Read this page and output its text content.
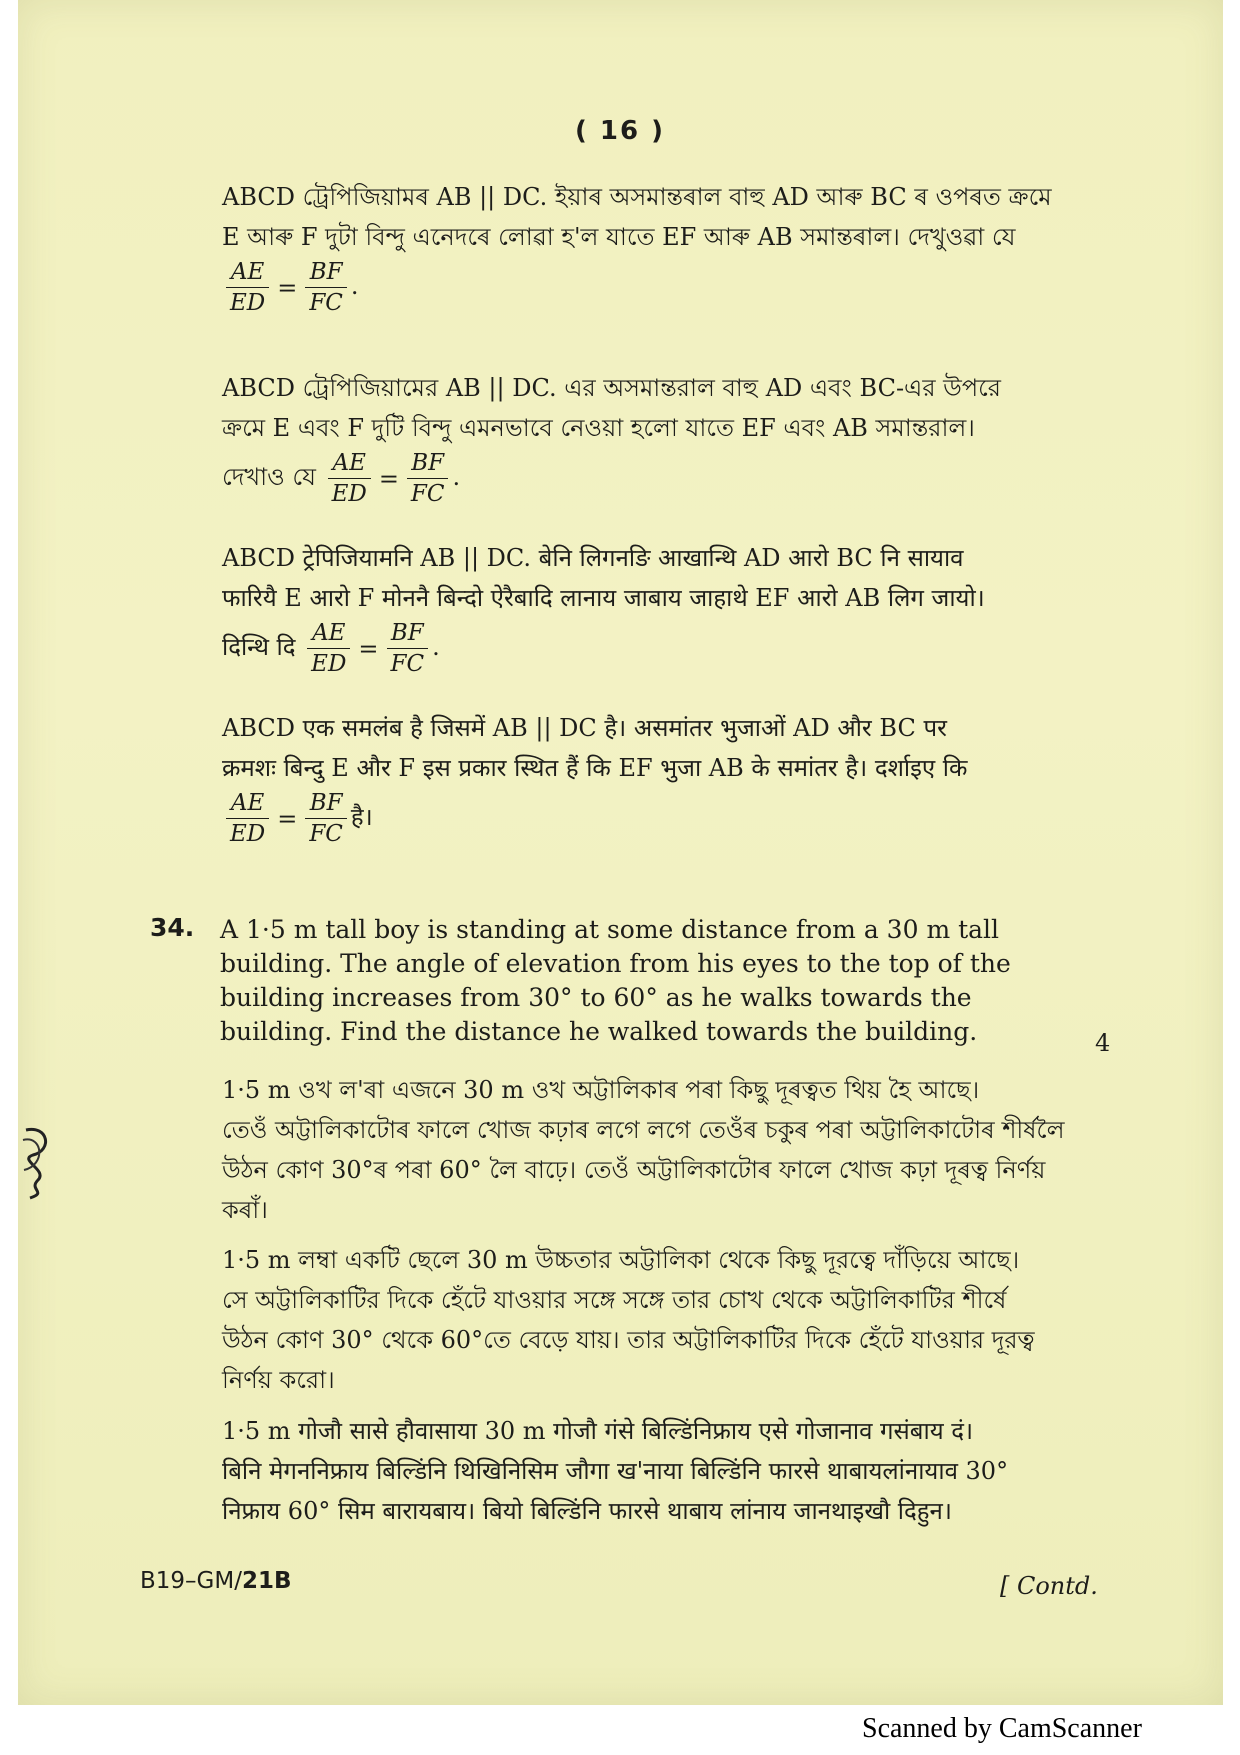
( 16 )
ABCD ট্ৰেপিজিয়ামৰ AB || DC. ইয়াৰ অসমান্তৰাল বাহু AD আৰু BC ৰ ওপৰত ক্ৰমে
E আৰু F দুটা বিন্দু এনেদৰে লোৱা হ'ল যাতে EF আৰু AB সমান্তৰাল। দেখুওৱা যে
$\frac{AE}{ED} = \frac{BF}{FC}$ .
ABCD ট্রেপিজিয়ামের AB || DC. এর অসমান্তরাল বাহু AD এবং BC-এর উপরে
ক্রমে E এবং F দুটি বিন্দু এমনভাবে নেওয়া হলো যাতে EF এবং AB সমান্তরাল।
দেখাও যে $\frac{AE}{ED} = \frac{BF}{FC}$ .
ABCD ट्रेपिजियामनि AB || DC. बेनि लिगनङि आखान्थि AD आरो BC नि सायाव
फारियै E आरो F मोननै बिन्दो ऐरैबादि लानाय जाबाय जाहाथे EF आरो AB लिग जायो।
दिन्थि दि $\frac{AE}{ED} = \frac{BF}{FC}$ .
ABCD एक समलंब है जिसमें AB || DC है। असमांतर भुजाओं AD और BC पर
क्रमशः बिन्दु E और F इस प्रकार स्थित हैं कि EF भुजा AB के समांतर है। दर्शाइए कि
$\frac{AE}{ED} = \frac{BF}{FC}$ है।
34. A 1·5 m tall boy is standing at some distance from a 30 m tall
building. The angle of elevation from his eyes to the top of the
building increases from 30° to 60° as he walks towards the
building. Find the distance he walked towards the building.	4
1·5 m ওখ ল'ৰা এজনে 30 m ওখ অট্টালিকাৰ পৰা কিছু দূৰত্বত থিয় হৈ আছে।
তেওঁ অট্টালিকাটোৰ ফালে খোজ কঢ়াৰ লগে লগে তেওঁৰ চকুৰ পৰা অট্টালিকাটোৰ শীৰ্ষলৈ
উঠন কোণ 30°ৰ পৰা 60° লৈ বাঢ়ে। তেওঁ অট্টালিকাটোৰ ফালে খোজ কঢ়া দূৰত্ব নিৰ্ণয়
কৰাঁ।
1·5 m লম্বা একটি ছেলে 30 m উচ্চতার অট্টালিকা থেকে কিছু দূরত্বে দাঁড়িয়ে আছে।
সে অট্টালিকাটির দিকে হেঁটে যাওয়ার সঙ্গে সঙ্গে তার চোখ থেকে অট্টালিকাটির শীর্ষে
উঠন কোণ 30° থেকে 60°তে বেড়ে যায়। তার অট্টালিকাটির দিকে হেঁটে যাওয়ার দূরত্ব
নির্ণয় করো।
1·5 m गोजौ सासे हौवासाया 30 m गोजौ गंसे बिल्डिंनिफ्राय एसे गोजानाव गसंबाय दं।
बिनि मेगननिफ्राय बिल्डिंनि थिखिनिसिम जौगा ख'नाया बिल्डिंनि फारसे थाबायलांनायाव 30°
निफ्राय 60° सिम बारायबाय। बियो बिल्डिंनि फारसे थाबाय लांनाय जानथाइखौ दिहुन।
B19–GM/21B	[ Contd.
Scanned by CamScanner
